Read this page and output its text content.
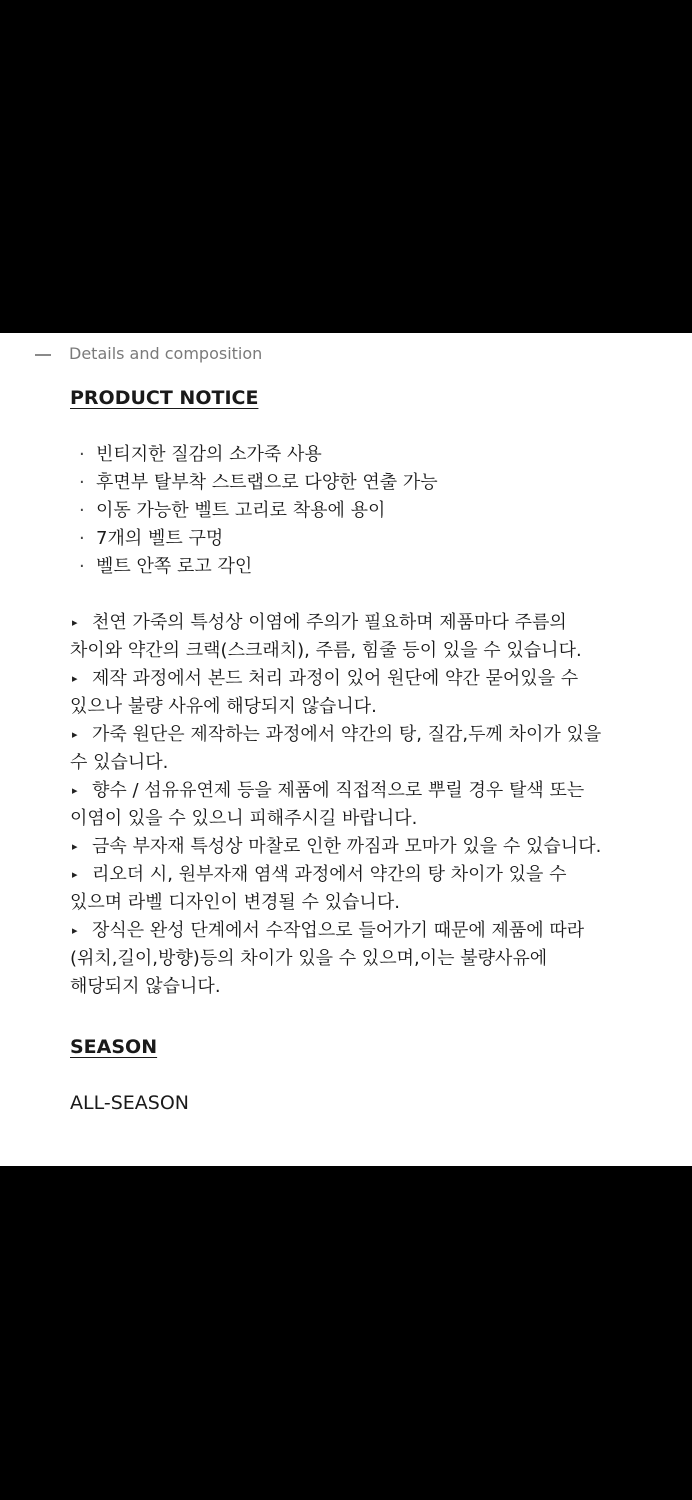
Details and composition
PRODUCT NOTICE
· 빈티지한 질감의 소가죽 사용
· 후면부 탈부착 스트랩으로 다양한 연출 가능
· 이동 가능한 벨트 고리로 착용에 용이
· 7개의 벨트 구멍
· 벨트 안쪽 로고 각인
▸ 천연 가죽의 특성상 이염에 주의가 필요하며 제품마다 주름의 차이와 약간의 크랙(스크래치), 주름, 힘줄 등이 있을 수 있습니다.
▸ 제작 과정에서 본드 처리 과정이 있어 원단에 약간 묻어있을 수 있으나 불량 사유에 해당되지 않습니다.
▸ 가죽 원단은 제작하는 과정에서 약간의 탕, 질감,두께 차이가 있을 수 있습니다.
▸ 향수 / 섬유유연제 등을 제품에 직접적으로 뿌릴 경우 탈색 또는 이염이 있을 수 있으니 피해주시길 바랍니다.
▸ 금속 부자재 특성상 마찰로 인한 까짐과 모마가 있을 수 있습니다.
▸ 리오더 시, 원부자재 염색 과정에서 약간의 탕 차이가 있을 수 있으며 라벨 디자인이 변경될 수 있습니다.
▸ 장식은 완성 단계에서 수작업으로 들어가기 때문에 제품에 따라(위치,길이,방향)등의 차이가 있을 수 있으며,이는 불량사유에 해당되지 않습니다.
SEASON
ALL-SEASON
